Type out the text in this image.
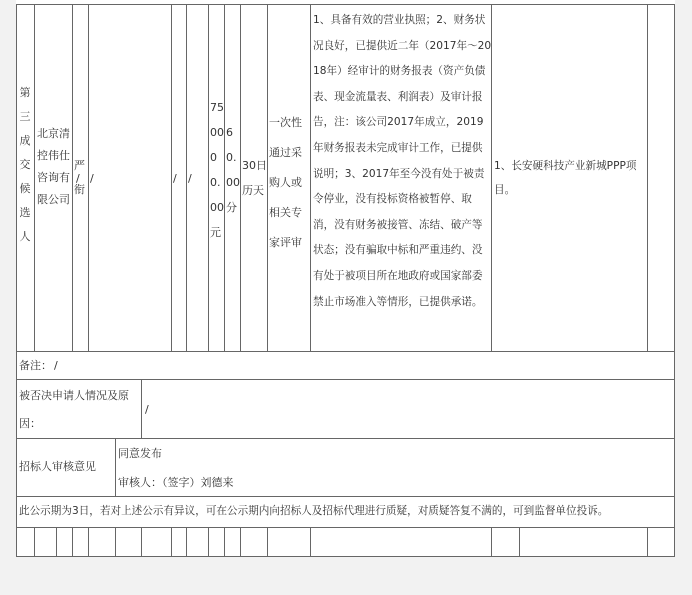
第
三
成
交
候
选
人
北京清
控伟仕
咨询有
限公司
/
严
衔
/	/ /
75
00
0
0.
00
元
6
0.
00
分
30日
历天
一次性
通过采
购人或
相关专
家评审
1、具备有效的营业执照；2、财务状
况良好，已提供近二年（2017年～20
18年）经审计的财务报表（资产负债
表、现金流量表、利润表）及审计报
告，注：该公司2017年成立，2019
年财务报表未完成审计工作，已提供
说明；3、2017年至今没有处于被责
令停业，没有投标资格被暂停、取
消，没有财务被接管、冻结、破产等
状态；没有骗取中标和严重违约、没
有处于被项目所在地政府或国家部委
禁止市场准入等情形，已提供承诺。
1、长安硬科技产业新城PPP项
目。
备注： /
被否决申请人情况及原
因：
/
招标人审核意见
同意发布
审核人：（签字）刘德来
此公示期为3日，若对上述公示有异议，可在公示期内向招标人及招标代理进行质疑，对质疑答复不满的，可到监督单位投诉。
